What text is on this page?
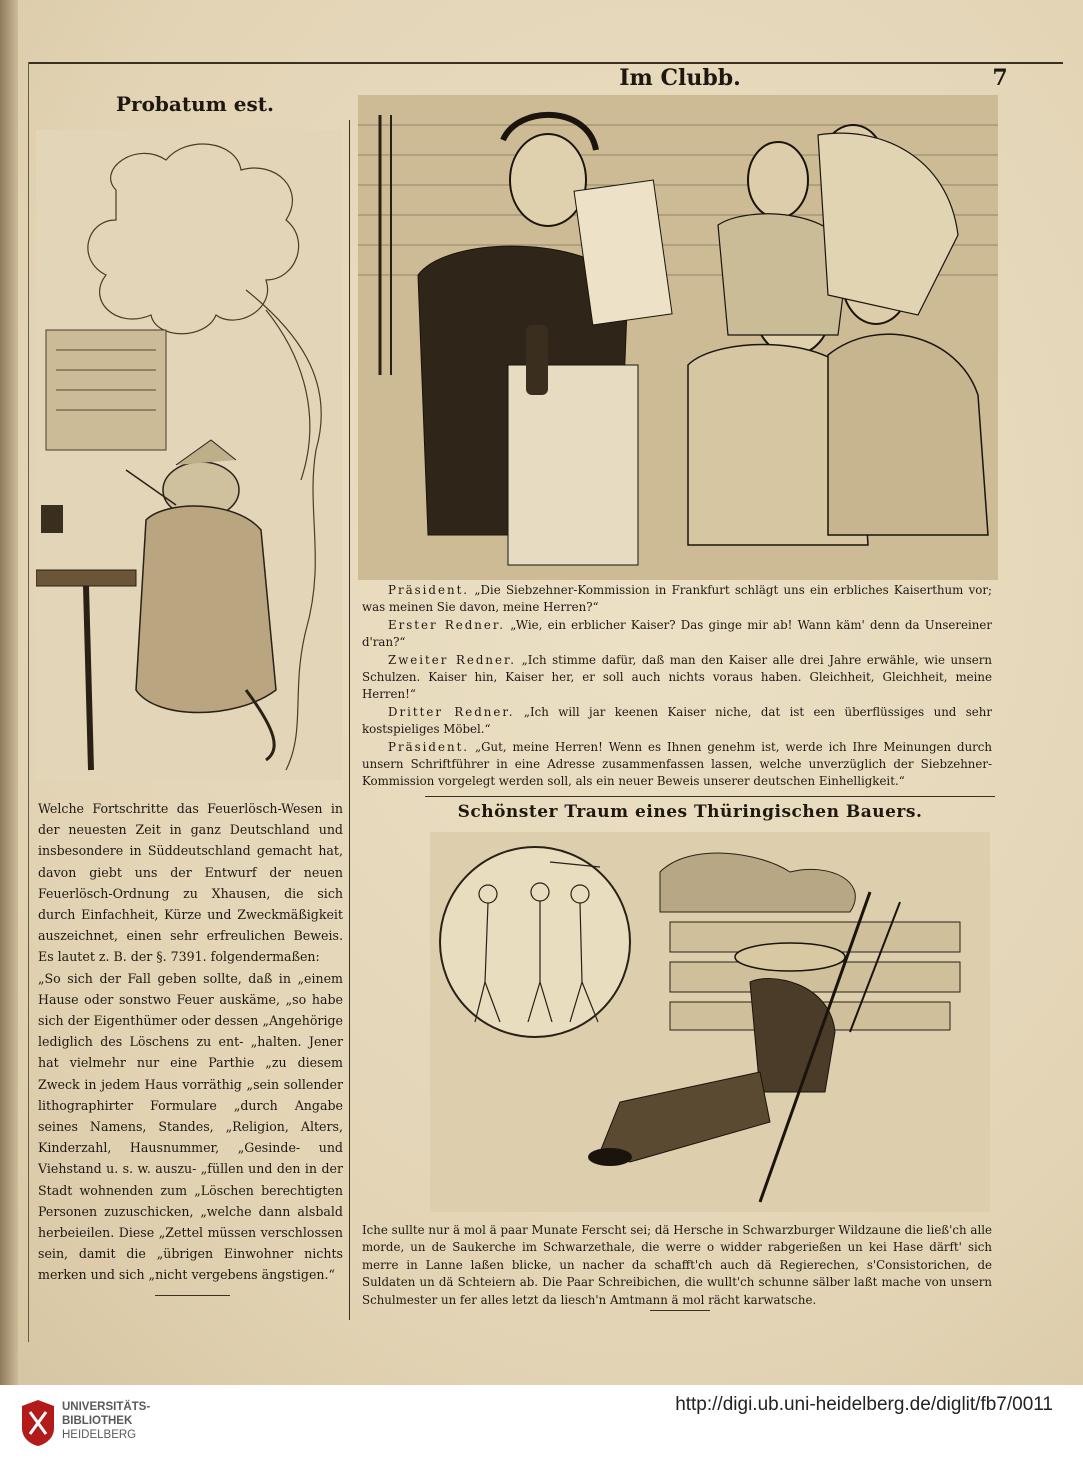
Probatum est.
Im Clubb.	7

Welche Fortschritte das Feuerlösch-Wesen in der neuesten Zeit in ganz Deutschland und insbesondere in Süddeutschland gemacht hat, davon giebt uns der Entwurf der neuen Feuerlösch-Ordnung zu Xhausen, die sich durch Einfachheit, Kürze und Zweckmäßigkeit auszeichnet, einen sehr erfreulichen Beweis. Es lautet z. B. der §. 7391. folgendermaßen:

„So sich der Fall geben sollte, daß in „einem Hause oder sonstwo Feuer auskäme, „so habe sich der Eigenthümer oder dessen „Angehörige lediglich des Löschens zu ent- „halten. Jener hat vielmehr nur eine Parthie „zu diesem Zweck in jedem Haus vorräthig „sein sollender lithographirter Formulare „durch Angabe seines Namens, Standes, „Religion, Alters, Kinderzahl, Hausnummer, „Gesinde- und Viehstand u. s. w. auszu- „füllen und den in der Stadt wohnenden zum „Löschen berechtigten Personen zuzuschicken, „welche dann alsbald herbeieilen. Diese „Zettel müssen verschlossen sein, damit die „übrigen Einwohner nichts merken und sich „nicht vergebens ängstigen.“

Präsident. „Die Siebzehner-Kommission in Frankfurt schlägt uns ein erbliches Kaiserthum vor; was meinen Sie davon, meine Herren?“
Erster Redner. „Wie, ein erblicher Kaiser? Das ginge mir ab! Wann käm' denn da Unsereiner d'ran?“
Zweiter Redner. „Ich stimme dafür, daß man den Kaiser alle drei Jahre erwähle, wie unsern Schulzen. Kaiser hin, Kaiser her, er soll auch nichts voraus haben. Gleichheit, Gleichheit, meine Herren!“
Dritter Redner. „Ich will jar keenen Kaiser niche, dat ist een überflüssiges und sehr kostspieliges Möbel.“
Präsident. „Gut, meine Herren! Wenn es Ihnen genehm ist, werde ich Ihre Meinungen durch unsern Schriftführer in eine Adresse zusammenfassen lassen, welche unverzüglich der Siebzehner-Kommission vorgelegt werden soll, als ein neuer Beweis unserer deutschen Einhelligkeit.“
Schönster Traum eines Thüringischen Bauers.
Iche sullte nur ä mol ä paar Munate Ferscht sei; dä Hersche in Schwarzburger Wildzaune die ließ'ch alle morde, un de Saukerche im Schwarzethale, die werre o widder rabgerießen un kei Hase därft' sich merre in Lanne laßen blicke, un nacher da schafft'ch auch dä Regierechen, s'Consistorichen, de Suldaten un dä Schteiern ab. Die Paar Schreibichen, die wullt'ch schunne sälber laßt mache von unsern Schulmester un fer alles letzt da liesch'n Amtmann ä mol rächt karwatsche.
UNIVERSITÄTS-
BIBLIOTHEK
HEIDELBERG
http://digi.ub.uni-heidelberg.de/diglit/fb7/0011
